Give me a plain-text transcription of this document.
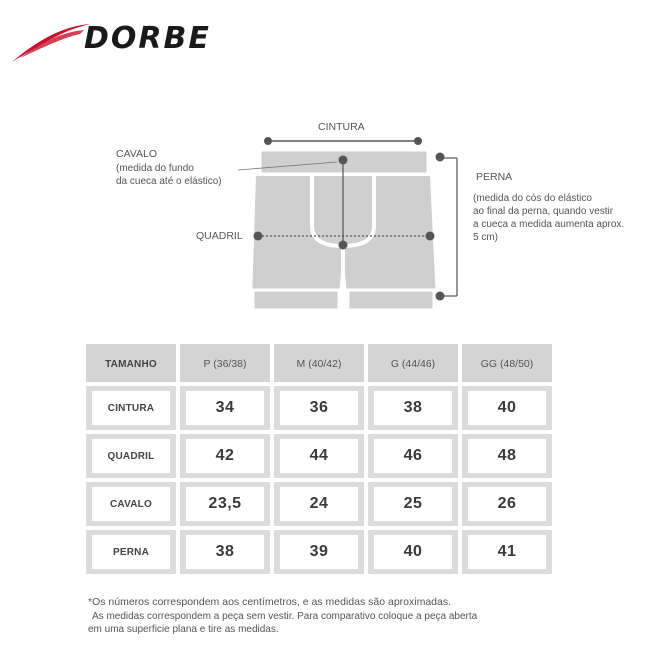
DORBE
CINTURA
CAVALO
(medida do fundo
da cueca até o elástico)
QUADRIL
PERNA
(medida do cós do elástico
ao final da perna, quando vestir
a cueca a medida aumenta aprox.
5 cm)
TAMANHO	P (36/38)	M (40/42)	G (44/46)	GG (48/50)

CINTURA	34	36	38	40

QUADRIL	42	44	46	48

CAVALO	23,5	24	25	26

PERNA	38	39	40	41
*Os números correspondem aos centímetros, e as medidas são aproximadas.
As medidas correspondem a peça sem vestir. Para comparativo coloque a peça aberta
em uma superficie plana e tire as medidas.
